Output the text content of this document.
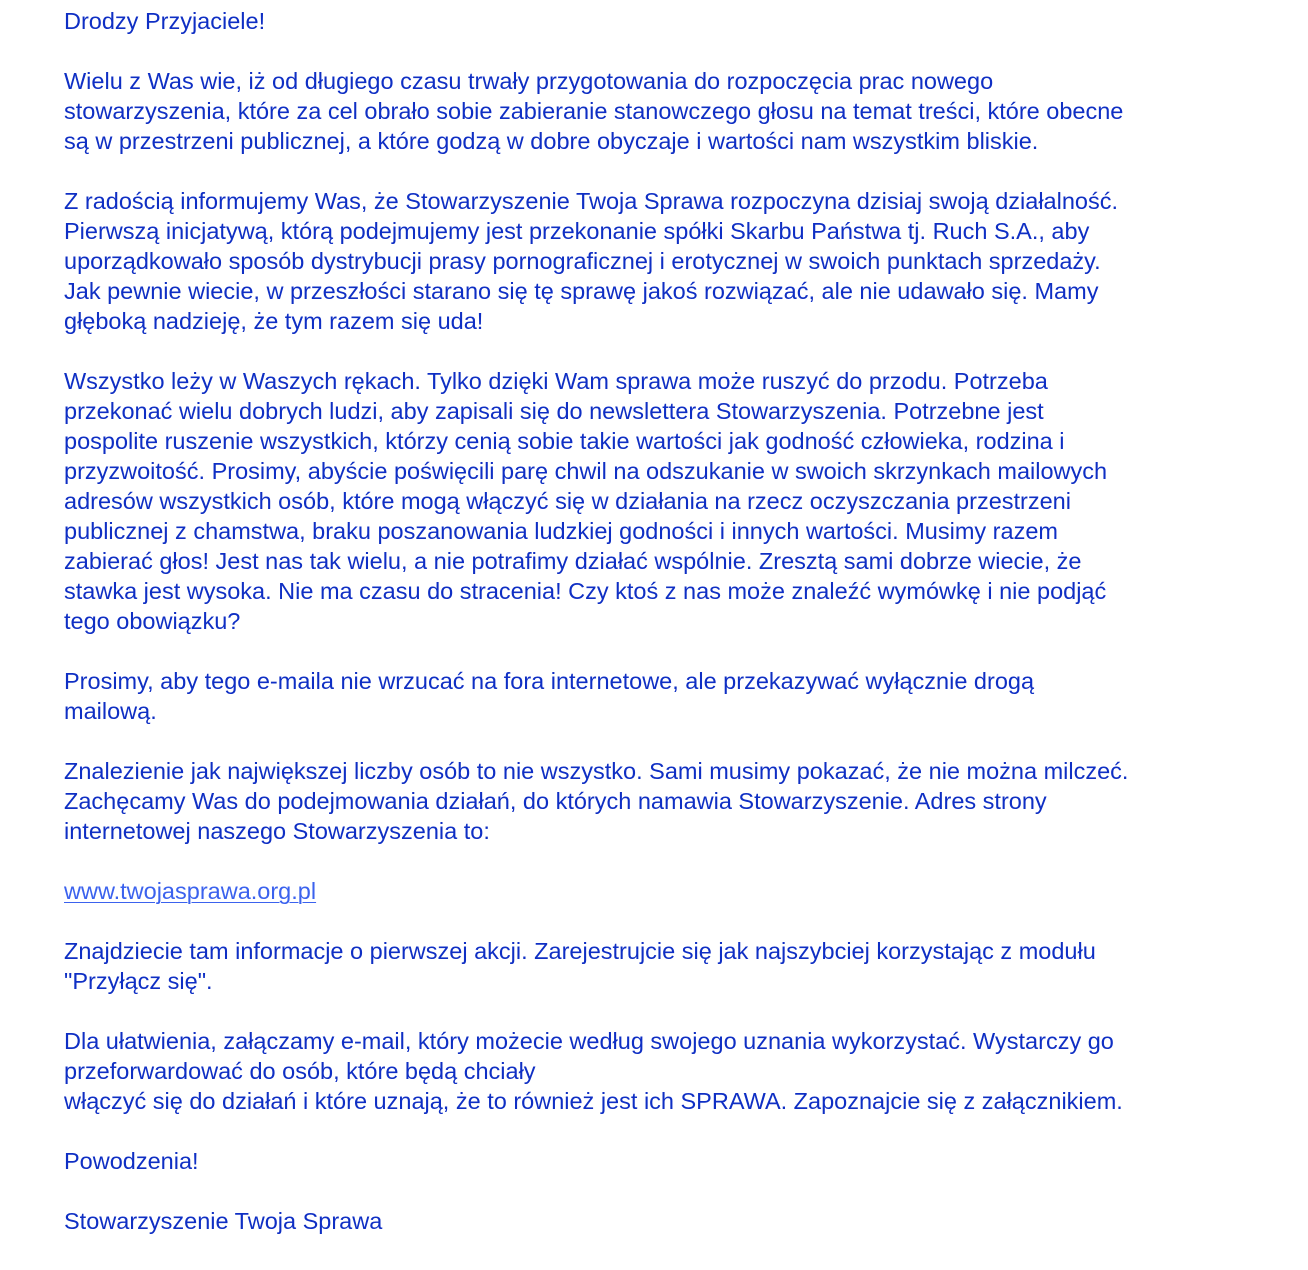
Drodzy Przyjaciele!
Wielu z Was wie, iż od długiego czasu trwały przygotowania do rozpoczęcia prac nowego
stowarzyszenia, które za cel obrało sobie zabieranie stanowczego głosu na temat treści, które obecne
są w przestrzeni publicznej, a które godzą w dobre obyczaje i wartości nam wszystkim bliskie.
Z radością informujemy Was, że Stowarzyszenie Twoja Sprawa rozpoczyna dzisiaj swoją działalność.
Pierwszą inicjatywą, którą podejmujemy jest przekonanie spółki Skarbu Państwa tj. Ruch S.A., aby
uporządkowało sposób dystrybucji prasy pornograficznej i erotycznej w swoich punktach sprzedaży.
Jak pewnie wiecie, w przeszłości starano się tę sprawę jakoś rozwiązać, ale nie udawało się. Mamy
głęboką nadzieję, że tym razem się uda!
Wszystko leży w Waszych rękach. Tylko dzięki Wam sprawa może ruszyć do przodu. Potrzeba
przekonać wielu dobrych ludzi, aby zapisali się do newslettera Stowarzyszenia. Potrzebne jest
pospolite ruszenie wszystkich, którzy cenią sobie takie wartości jak godność człowieka, rodzina i
przyzwoitość. Prosimy, abyście poświęcili parę chwil na odszukanie w swoich skrzynkach mailowych
adresów wszystkich osób, które mogą włączyć się w działania na rzecz oczyszczania przestrzeni
publicznej z chamstwa, braku poszanowania ludzkiej godności i innych wartości. Musimy razem
zabierać głos! Jest nas tak wielu, a nie potrafimy działać wspólnie. Zresztą sami dobrze wiecie, że
stawka jest wysoka. Nie ma czasu do stracenia! Czy ktoś z nas może znaleźć wymówkę i nie podjąć
tego obowiązku?
Prosimy, aby tego e-maila nie wrzucać na fora internetowe, ale przekazywać wyłącznie drogą
mailową.
Znalezienie jak największej liczby osób to nie wszystko. Sami musimy pokazać, że nie można milczeć.
Zachęcamy Was do podejmowania działań, do których namawia Stowarzyszenie. Adres strony
internetowej naszego Stowarzyszenia to:
www.twojasprawa.org.pl
Znajdziecie tam informacje o pierwszej akcji. Zarejestrujcie się jak najszybciej korzystając z modułu
"Przyłącz się".
Dla ułatwienia, załączamy e-mail, który możecie według swojego uznania wykorzystać. Wystarczy go
przeforwardować do osób, które będą chciały
włączyć się do działań i które uznają, że to również jest ich SPRAWA. Zapoznajcie się z załącznikiem.
Powodzenia!
Stowarzyszenie Twoja Sprawa
